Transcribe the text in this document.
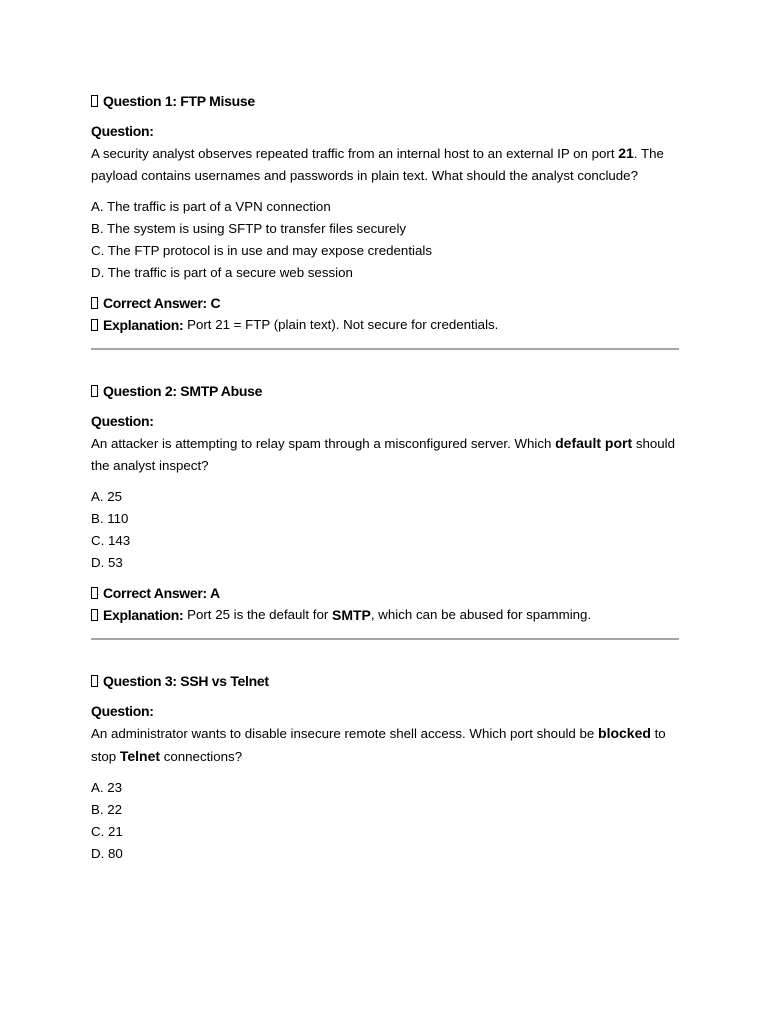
Question 1: FTP Misuse
Question:

A security analyst observes repeated traffic from an internal host to an external IP on port 21. The payload contains usernames and passwords in plain text. What should the analyst conclude?

A. The traffic is part of a VPN connection
B. The system is using SFTP to transfer files securely
C. The FTP protocol is in use and may expose credentials
D. The traffic is part of a secure web session
Correct Answer: C
Explanation: Port 21 = FTP (plain text). Not secure for credentials.
Question 2: SMTP Abuse
Question:

An attacker is attempting to relay spam through a misconfigured server. Which default port should the analyst inspect?

A. 25
B. 110
C. 143
D. 53
Correct Answer: A
Explanation: Port 25 is the default for SMTP , which can be abused for spamming.
Question 3: SSH vs Telnet
Question:

An administrator wants to disable insecure remote shell access. Which port should be blocked to stop Telnet connections?

A. 23
B. 22
C. 21
D. 80
